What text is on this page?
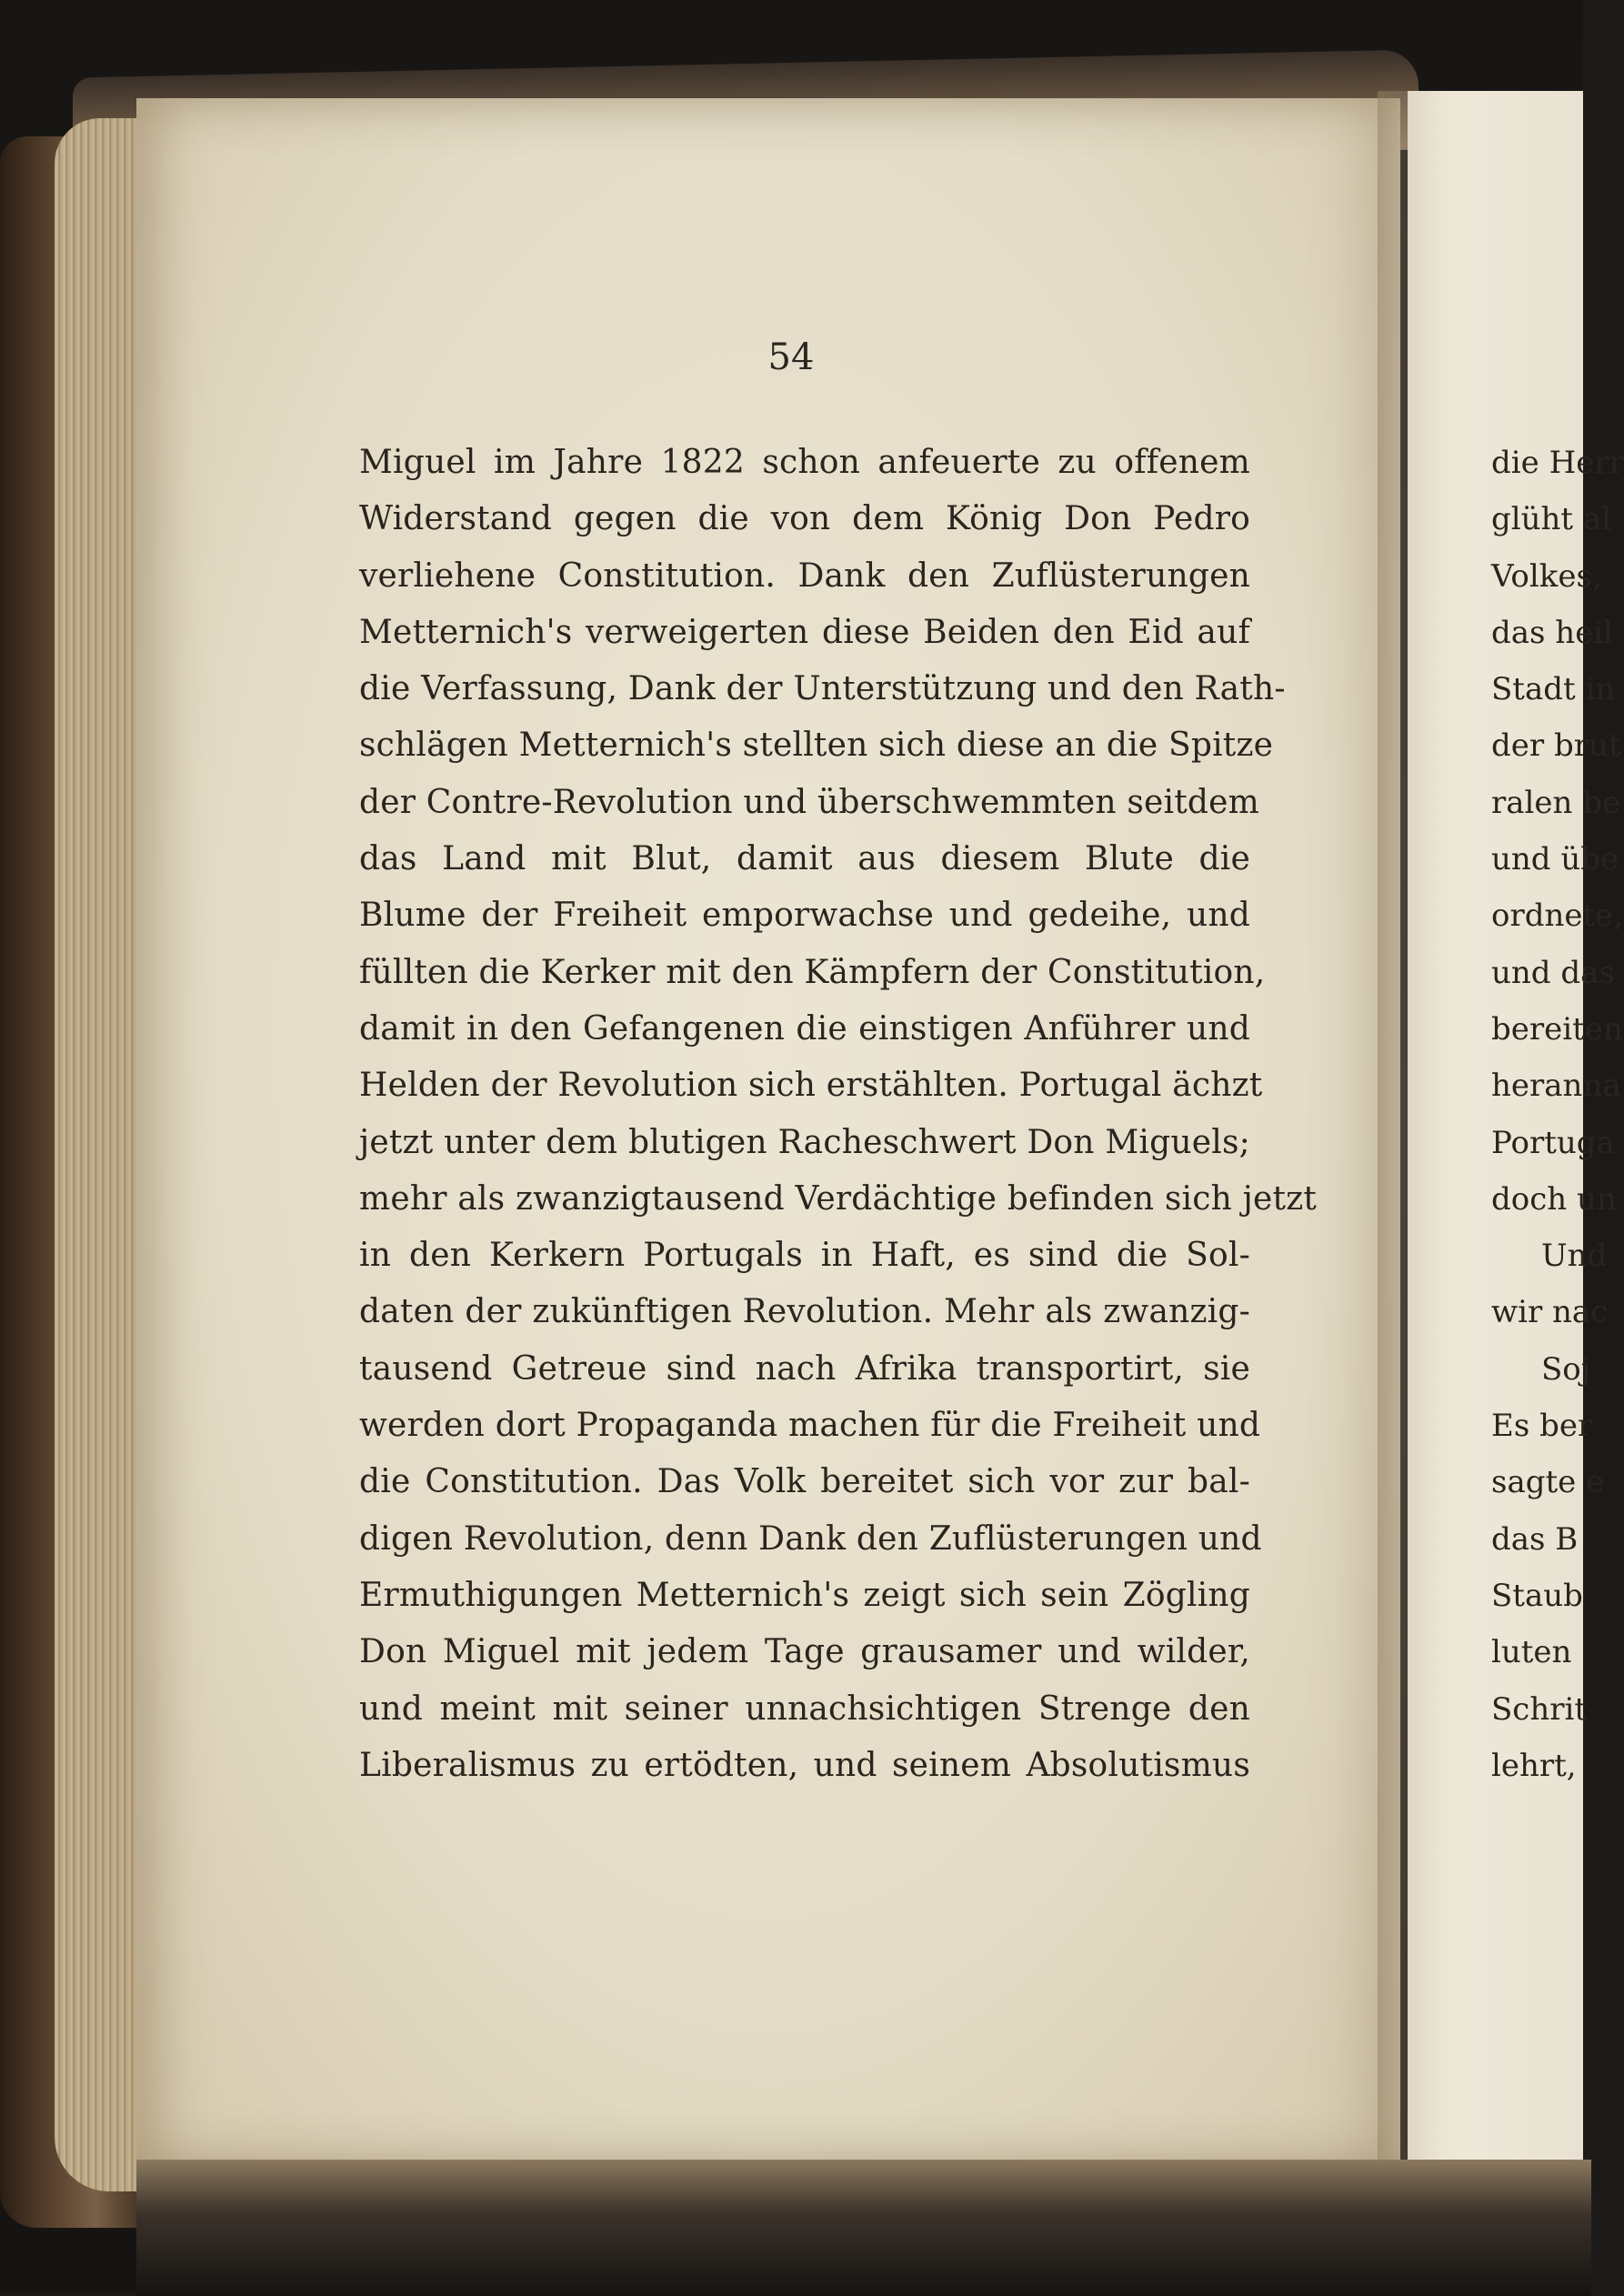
54
Miguel im Jahre 1822 schon anfeuerte zu offenem
Widerstand gegen die von dem König Don Pedro
verliehene Constitution. Dank den Zuflüsterungen
Metternich's verweigerten diese Beiden den Eid auf
die Verfassung, Dank der Unterstützung und den Rath-
schlägen Metternich's stellten sich diese an die Spitze
der Contre-Revolution und überschwemmten seitdem
das Land mit Blut, damit aus diesem Blute die
Blume der Freiheit emporwachse und gedeihe, und
füllten die Kerker mit den Kämpfern der Constitution,
damit in den Gefangenen die einstigen Anführer und
Helden der Revolution sich erstählten. Portugal ächzt
jetzt unter dem blutigen Racheschwert Don Miguels;
mehr als zwanzigtausend Verdächtige befinden sich jetzt
in den Kerkern Portugals in Haft, es sind die Sol-
daten der zukünftigen Revolution. Mehr als zwanzig-
tausend Getreue sind nach Afrika transportirt, sie
werden dort Propaganda machen für die Freiheit und
die Constitution. Das Volk bereitet sich vor zur bal-
digen Revolution, denn Dank den Zuflüsterungen und
Ermuthigungen Metternich's zeigt sich sein Zögling
Don Miguel mit jedem Tage grausamer und wilder,
und meint mit seiner unnachsichtigen Strenge den
Liberalismus zu ertödten, und seinem Absolutismus
die Herr
glüht al
Volkes,
das heil
Stadt in
der brut
ralen be
und übe
ordnete,
und das
bereiten
heranna
Portuga
doch un
Und
wir nac
Soj
Es ber
sagte e
das B
Staub
luten
Schrit
lehrt,
